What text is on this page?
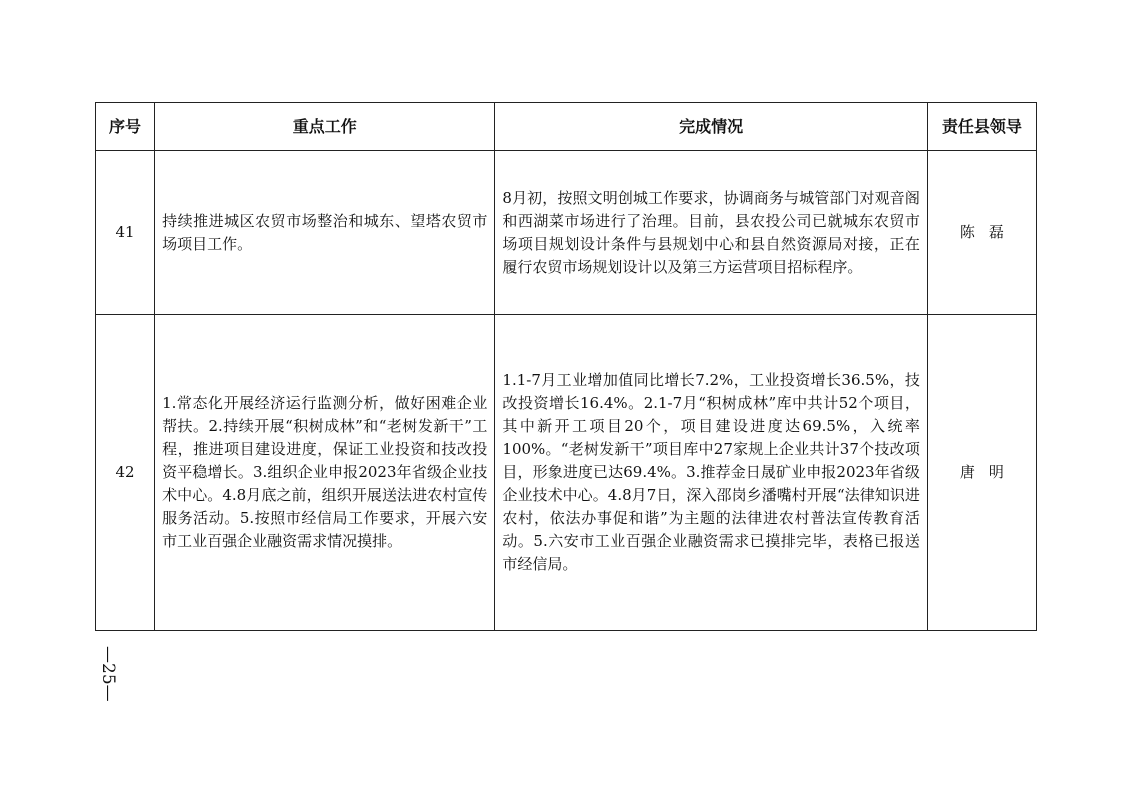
序号	重点工作	完成情况	责任县领导
41	持续推进城区农贸市场整治和城东、望塔农贸市场项目工作。	8月初，按照文明创城工作要求，协调商务与城管部门对观音阁和西湖菜市场进行了治理。目前，县农投公司已就城东农贸市场项目规划设计条件与县规划中心和县自然资源局对接，正在履行农贸市场规划设计以及第三方运营项目招标程序。	陈磊
42	1.常态化开展经济运行监测分析，做好困难企业帮扶。2.持续开展“积树成林”和“老树发新干”工程，推进项目建设进度，保证工业投资和技改投资平稳增长。3.组织企业申报2023年省级企业技术中心。4.8月底之前，组织开展送法进农村宣传服务活动。5.按照市经信局工作要求，开展六安市工业百强企业融资需求情况摸排。	1.1-7月工业增加值同比增长7.2%，工业投资增长36.5%，技改投资增长16.4%。2.1-7月“积树成林”库中共计52个项目，其中新开工项目20个，项目建设进度达69.5%，入统率100%。“老树发新干”项目库中27家规上企业共计37个技改项目，形象进度已达69.4%。3.推荐金日晟矿业申报2023年省级企业技术中心。4.8月7日，深入邵岗乡潘嘴村开展“法律知识进农村，依法办事促和谐”为主题的法律进农村普法宣传教育活动。5.六安市工业百强企业融资需求已摸排完毕，表格已报送市经信局。	唐明
—25—
